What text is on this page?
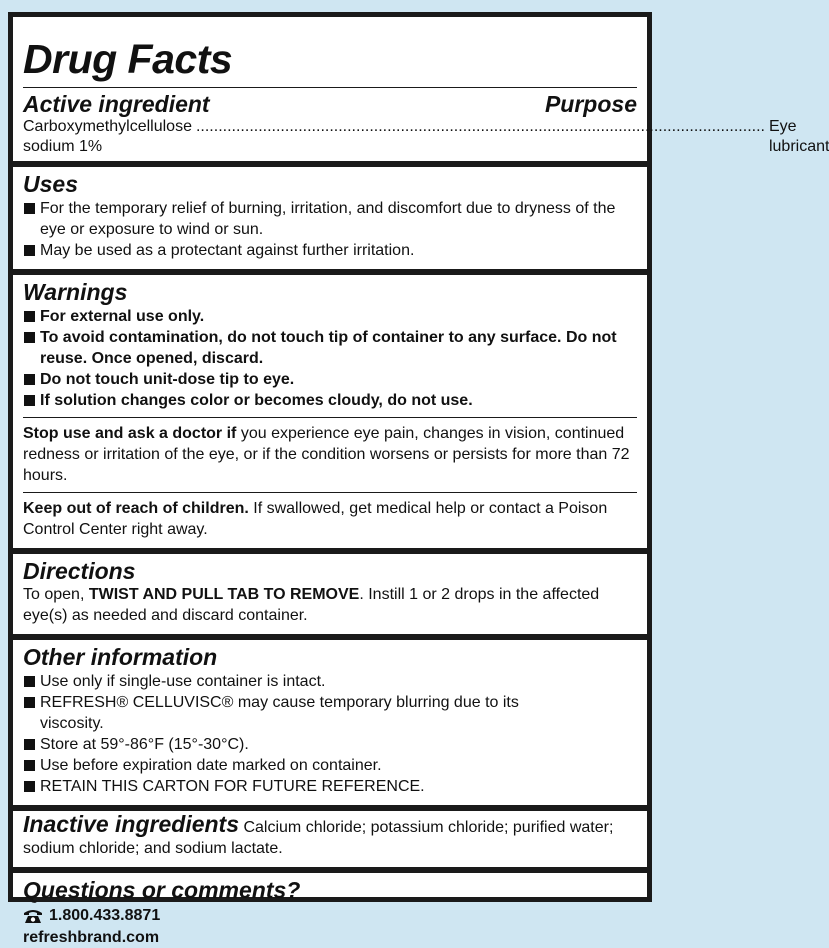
Drug Facts
Active ingredient	Purpose
Carboxymethylcellulose sodium 1%
.....
Eye lubricant
Uses
For the temporary relief of burning, irritation, and discomfort due to dryness of the eye or exposure to wind or sun.
May be used as a protectant against further irritation.
Warnings
For external use only.
To avoid contamination, do not touch tip of container to any surface. Do not reuse. Once opened, discard.
Do not touch unit-dose tip to eye.
If solution changes color or becomes cloudy, do not use.
Stop use and ask a doctor if you experience eye pain, changes in vision, continued redness or irritation of the eye, or if the condition worsens or persists for more than 72 hours.
Keep out of reach of children. If swallowed, get medical help or contact a Poison Control Center right away.
Directions
To open, TWIST AND PULL TAB TO REMOVE. Instill 1 or 2 drops in the affected eye(s) as needed and discard container.
Other information
Use only if single-use container is intact.
REFRESH® CELLUVISC® may cause temporary blurring due to its viscosity.
Store at 59°-86°F (15°-30°C).
Use before expiration date marked on container.
RETAIN THIS CARTON FOR FUTURE REFERENCE.
Inactive ingredients Calcium chloride; potassium chloride; purified water; sodium chloride; and sodium lactate.
Questions or comments?
1.800.433.8871
refreshbrand.com
